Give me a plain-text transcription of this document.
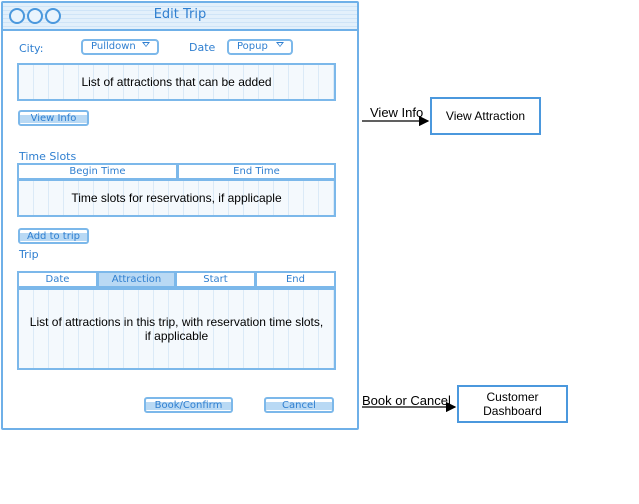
Edit Trip
City:	Pulldown	Date	Popup
List of attractions that can be added
View Info
Time Slots
Begin Time	End Time
Time slots for reservations, if applicaple
Add to trip
Trip
Date	Attraction	Start	End
List of attractions in this trip, with reservation time slots, if applicable
Book/Confirm	Cancel
View Info	View Attraction
Book or Cancel	Customer Dashboard
